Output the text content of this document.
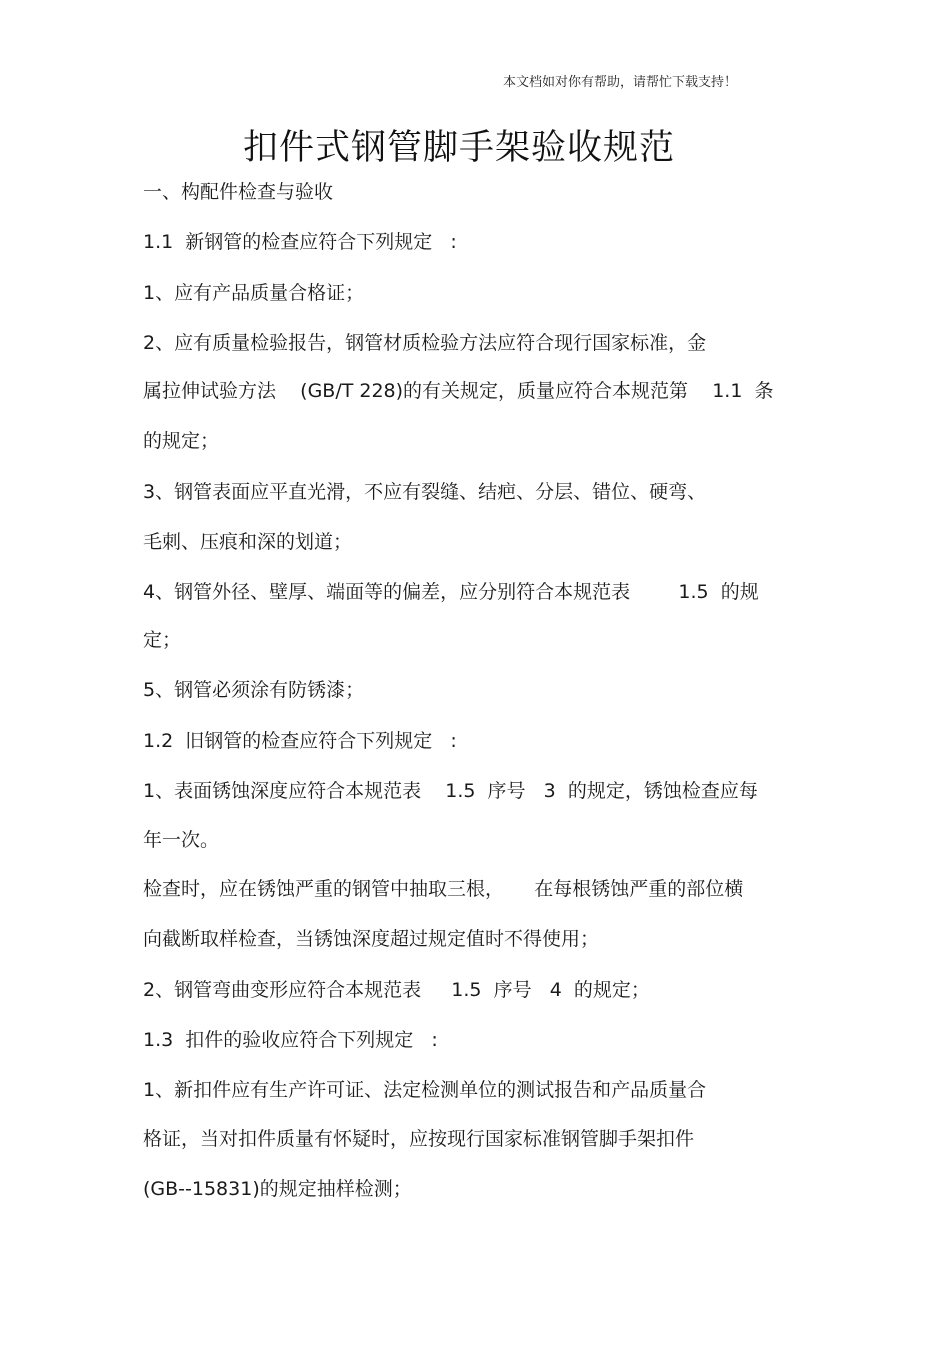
本文档如对你有帮助，请帮忙下载支持！
扣件式钢管脚手架验收规范
一、构配件检查与验收
1.1  新钢管的检查应符合下列规定   :
1、应有产品质量合格证；
2、应有质量检验报告，钢管材质检验方法应符合现行国家标准，金
属拉伸试验方法    (GB/T 228)的有关规定，质量应符合本规范第    1.1  条
的规定；
3、钢管表面应平直光滑，不应有裂缝、结疤、分层、错位、硬弯、
毛刺、压痕和深的划道；
4、钢管外径、壁厚、端面等的偏差，应分别符合本规范表        1.5  的规
定；
5、钢管必须涂有防锈漆；
1.2  旧钢管的检查应符合下列规定   :
1、表面锈蚀深度应符合本规范表    1.5  序号   3  的规定，锈蚀检查应每
年一次。
检查时，应在锈蚀严重的钢管中抽取三根，     在每根锈蚀严重的部位横
向截断取样检查，当锈蚀深度超过规定值时不得使用；
2、钢管弯曲变形应符合本规范表     1.5  序号   4  的规定；
1.3  扣件的验收应符合下列规定   :
1、新扣件应有生产许可证、法定检测单位的测试报告和产品质量合
格证，当对扣件质量有怀疑时，应按现行国家标准钢管脚手架扣件
(GB--15831)的规定抽样检测；
